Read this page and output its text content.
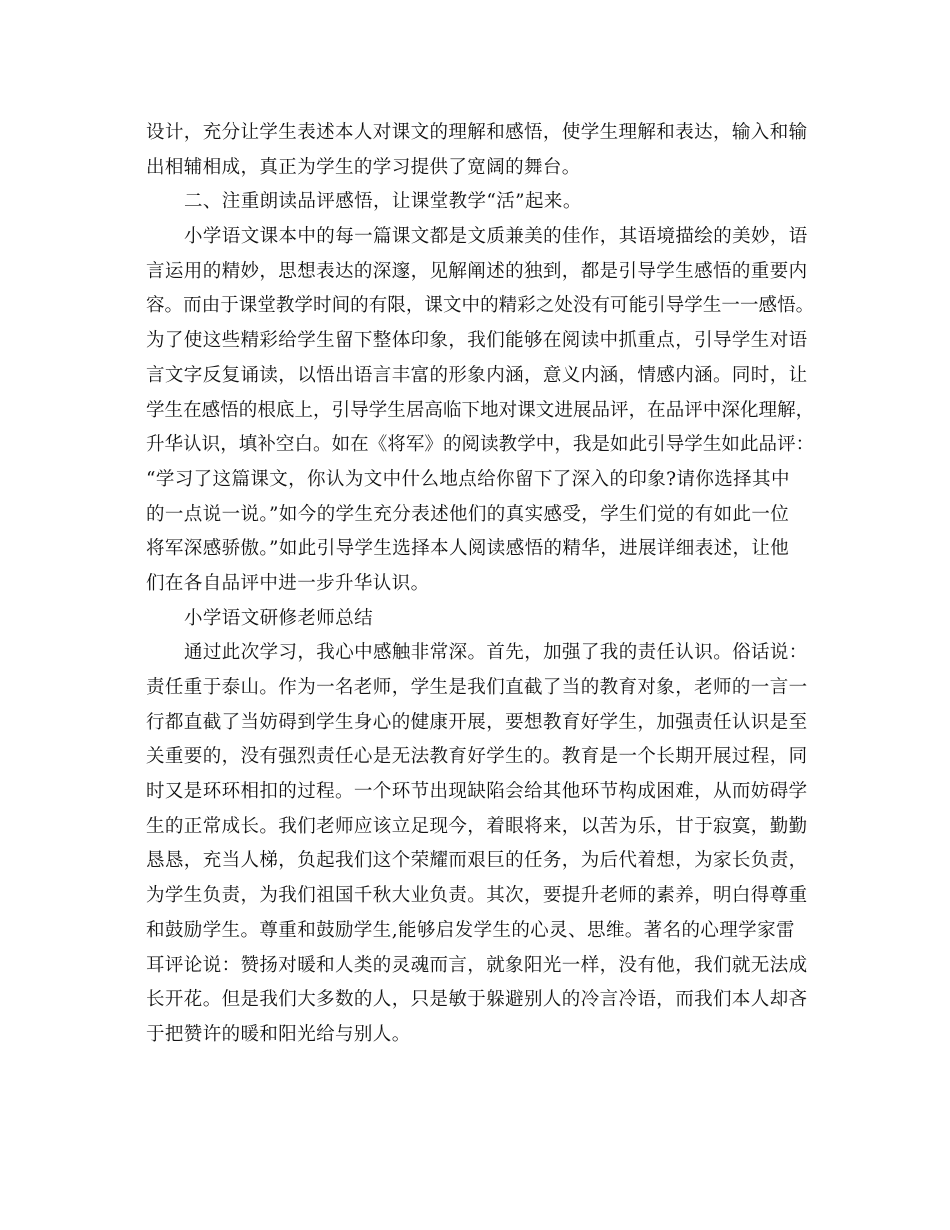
设计，充分让学生表述本人对课文的理解和感悟，使学生理解和表达，输入和输
出相辅相成，真正为学生的学习提供了宽阔的舞台。
二、注重朗读品评感悟，让课堂教学“活”起来。
小学语文课本中的每一篇课文都是文质兼美的佳作，其语境描绘的美妙，语
言运用的精妙，思想表达的深邃，见解阐述的独到，都是引导学生感悟的重要内
容。而由于课堂教学时间的有限，课文中的精彩之处没有可能引导学生一一感悟。
为了使这些精彩给学生留下整体印象，我们能够在阅读中抓重点，引导学生对语
言文字反复诵读，以悟出语言丰富的形象内涵，意义内涵，情感内涵。同时，让
学生在感悟的根底上，引导学生居高临下地对课文进展品评，在品评中深化理解，
升华认识，填补空白。如在《将军》的阅读教学中，我是如此引导学生如此品评：
“学习了这篇课文，你认为文中什么地点给你留下了深入的印象?请你选择其中
的一点说一说。”如今的学生充分表述他们的真实感受，学生们觉的有如此一位
将军深感骄傲。”如此引导学生选择本人阅读感悟的精华，进展详细表述，让他
们在各自品评中进一步升华认识。
小学语文研修老师总结
通过此次学习，我心中感触非常深。首先，加强了我的责任认识。俗话说：
责任重于泰山。作为一名老师，学生是我们直截了当的教育对象，老师的一言一
行都直截了当妨碍到学生身心的健康开展，要想教育好学生，加强责任认识是至
关重要的，没有强烈责任心是无法教育好学生的。教育是一个长期开展过程，同
时又是环环相扣的过程。一个环节出现缺陷会给其他环节构成困难，从而妨碍学
生的正常成长。我们老师应该立足现今，着眼将来，以苦为乐，甘于寂寞，勤勤
恳恳，充当人梯，负起我们这个荣耀而艰巨的任务，为后代着想，为家长负责，
为学生负责，为我们祖国千秋大业负责。其次，要提升老师的素养，明白得尊重
和鼓励学生。尊重和鼓励学生,能够启发学生的心灵、思维。著名的心理学家雷
耳评论说：赞扬对暖和人类的灵魂而言，就象阳光一样，没有他，我们就无法成
长开花。但是我们大多数的人，只是敏于躲避别人的冷言冷语，而我们本人却吝
于把赞许的暖和阳光给与别人。
